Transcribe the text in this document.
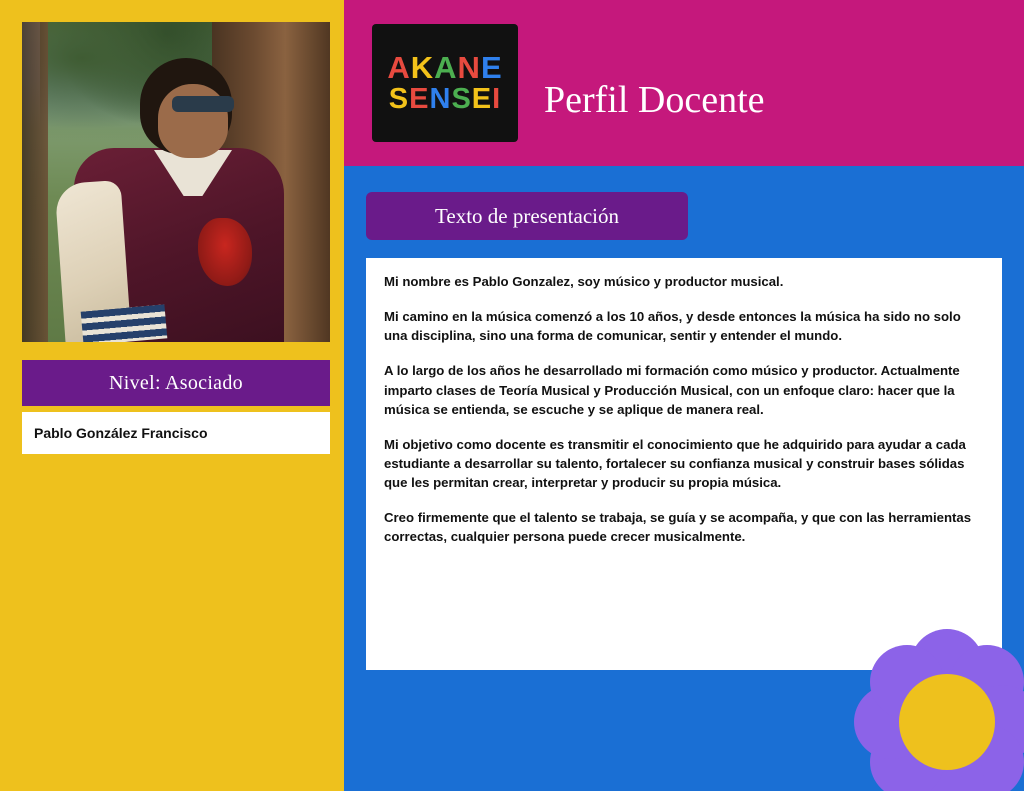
Nivel: Asociado
Pablo González Francisco
A K A N E
S E N S E I Perfil Docente
Texto de presentación

Mi nombre es Pablo Gonzalez, soy músico y productor musical.

Mi camino en la música comenzó a los 10 años, y desde entonces la música ha sido no solo una disciplina, sino una forma de comunicar, sentir y entender el mundo.

A lo largo de los años he desarrollado mi formación como músico y productor. Actualmente imparto clases de Teoría Musical y Producción Musical, con un enfoque claro: hacer que la música se entienda, se escuche y se aplique de manera real.

Mi objetivo como docente es transmitir el conocimiento que he adquirido para ayudar a cada estudiante a desarrollar su talento, fortalecer su confianza musical y construir bases sólidas que les permitan crear, interpretar y producir su propia música.

Creo firmemente que el talento se trabaja, se guía y se acompaña, y que con las herramientas correctas, cualquier persona puede crecer musicalmente.
